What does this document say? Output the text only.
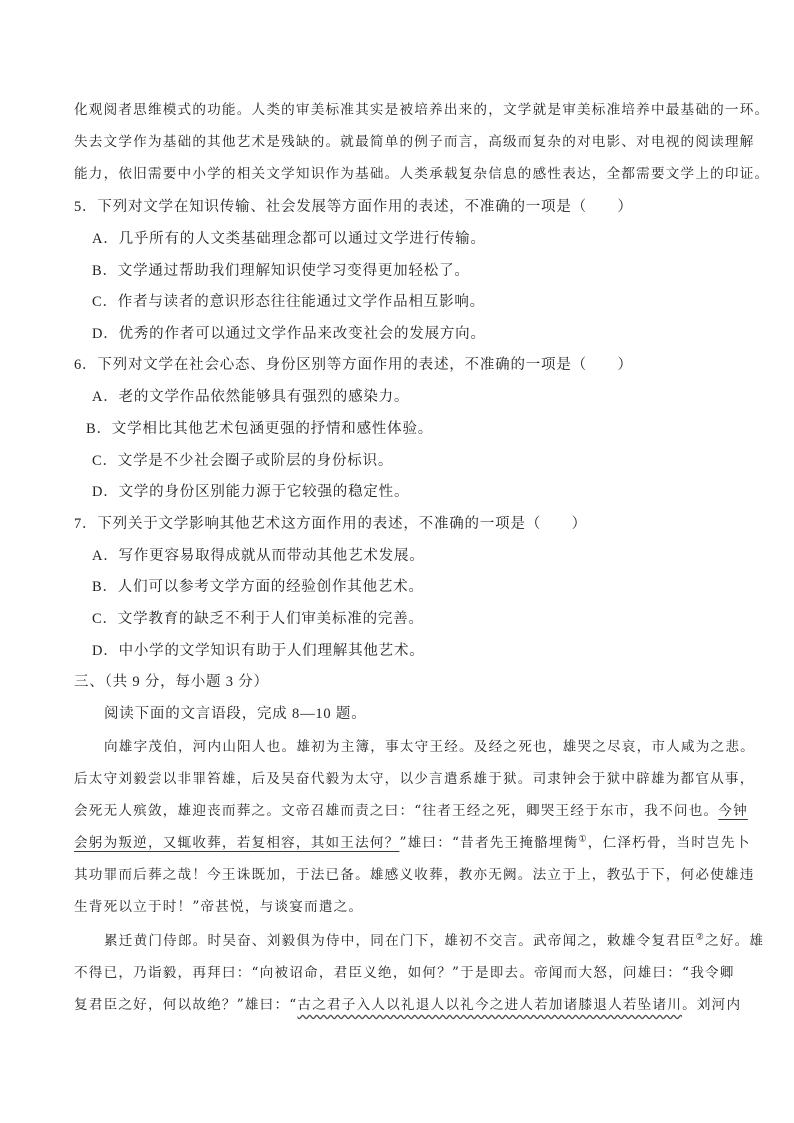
化观阅者思维模式的功能。人类的审美标准其实是被培养出来的，文学就是审美标准培养中最基础的一环。
失去文学作为基础的其他艺术是残缺的。就最简单的例子而言，高级而复杂的对电影、对电视的阅读理解
能力，依旧需要中小学的相关文学知识作为基础。人类承载复杂信息的感性表达，全都需要文学上的印证。
5．下列对文学在知识传输、社会发展等方面作用的表述，不准确的一项是（　　）
A．几乎所有的人文类基础理念都可以通过文学进行传输。
B．文学通过帮助我们理解知识使学习变得更加轻松了。
C．作者与读者的意识形态往往能通过文学作品相互影响。
D．优秀的作者可以通过文学作品来改变社会的发展方向。
6．下列对文学在社会心态、身份区别等方面作用的表述，不准确的一项是（　　）
A．老的文学作品依然能够具有强烈的感染力。
B．文学相比其他艺术包涵更强的抒情和感性体验。
C．文学是不少社会圈子或阶层的身份标识。
D．文学的身份区别能力源于它较强的稳定性。
7．下列关于文学影响其他艺术这方面作用的表述，不准确的一项是（　　）
A．写作更容易取得成就从而带动其他艺术发展。
B．人们可以参考文学方面的经验创作其他艺术。
C．文学教育的缺乏不利于人们审美标准的完善。
D．中小学的文学知识有助于人们理解其他艺术。
三、（共 9 分，每小题 3 分）
阅读下面的文言语段，完成 8—10 题。
向雄字茂伯，河内山阳人也。雄初为主簿，事太守王经。及经之死也，雄哭之尽哀，市人咸为之悲。
后太守刘毅尝以非罪笞雄，后及吴奋代毅为太守，以少言遣系雄于狱。司隶钟会于狱中辟雄为都官从事，
会死无人殡敛，雄迎丧而葬之。文帝召雄而责之曰：“往者王经之死，卿哭王经于东市，我不问也。今钟
会躬为叛逆，又辄收葬，若复相容，其如王法何？”雄曰：“昔者先王掩骼埋胔①，仁泽朽骨，当时岂先卜
其功罪而后葬之哉！今王诛既加，于法已备。雄感义收葬，教亦无阙。法立于上，教弘于下，何必使雄违
生背死以立于时！”帝甚悦，与谈宴而遣之。
累迁黄门侍郎。时吴奋、刘毅俱为侍中，同在门下，雄初不交言。武帝闻之，敕雄令复君臣②之好。雄
不得已，乃诣毅，再拜曰：“向被诏命，君臣义绝，如何？”于是即去。帝闻而大怒，问雄曰：“我令卿
复君臣之好，何以故绝？”雄曰：“古之君子入人以礼退人以礼今之进人若加诸膝退人若坠诸川。刘河内
